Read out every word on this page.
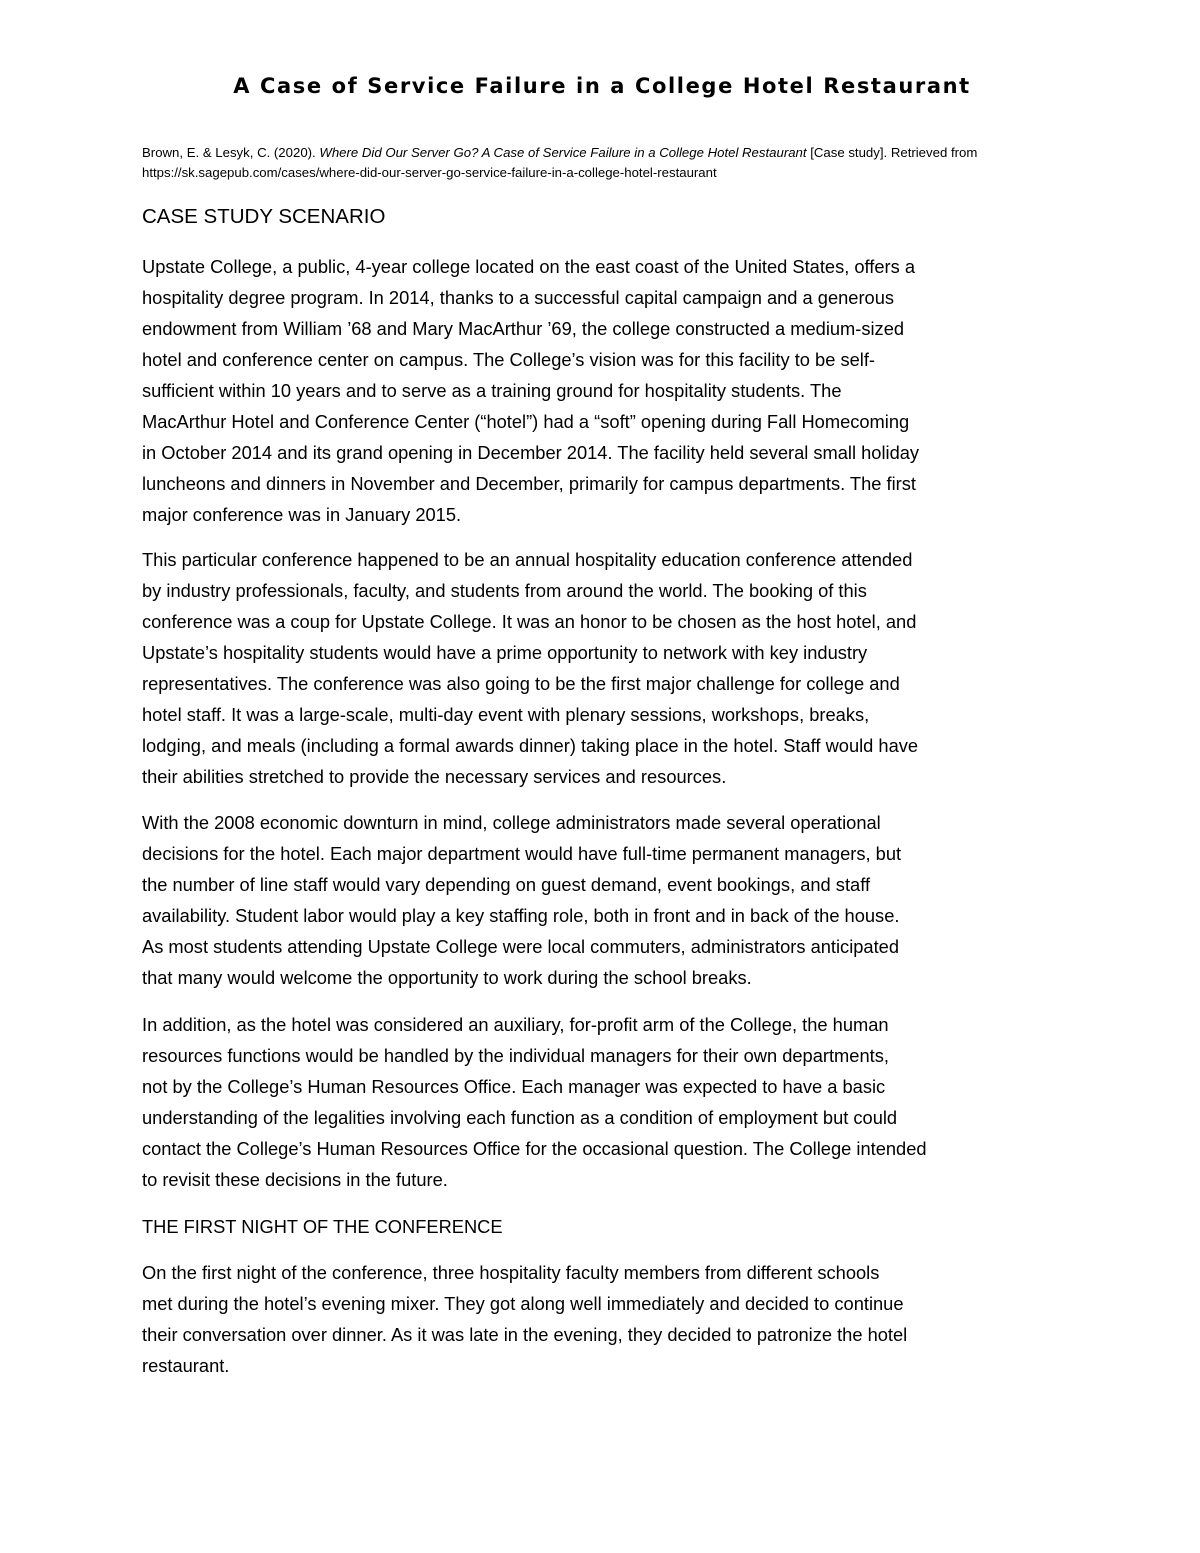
A Case of Service Failure in a College Hotel Restaurant
Brown, E. & Lesyk, C. (2020). Where Did Our Server Go? A Case of Service Failure in a College Hotel Restaurant [Case study]. Retrieved from
https://sk.sagepub.com/cases/where-did-our-server-go-service-failure-in-a-college-hotel-restaurant
CASE STUDY SCENARIO
Upstate College, a public, 4-year college located on the east coast of the United States, offers a
hospitality degree program. In 2014, thanks to a successful capital campaign and a generous
endowment from William ’68 and Mary MacArthur ’69, the college constructed a medium-sized
hotel and conference center on campus. The College’s vision was for this facility to be self-
sufficient within 10 years and to serve as a training ground for hospitality students. The
MacArthur Hotel and Conference Center (“hotel”) had a “soft” opening during Fall Homecoming
in October 2014 and its grand opening in December 2014. The facility held several small holiday
luncheons and dinners in November and December, primarily for campus departments. The first
major conference was in January 2015.
This particular conference happened to be an annual hospitality education conference attended
by industry professionals, faculty, and students from around the world. The booking of this
conference was a coup for Upstate College. It was an honor to be chosen as the host hotel, and
Upstate’s hospitality students would have a prime opportunity to network with key industry
representatives. The conference was also going to be the first major challenge for college and
hotel staff. It was a large-scale, multi-day event with plenary sessions, workshops, breaks,
lodging, and meals (including a formal awards dinner) taking place in the hotel. Staff would have
their abilities stretched to provide the necessary services and resources.
With the 2008 economic downturn in mind, college administrators made several operational
decisions for the hotel. Each major department would have full-time permanent managers, but
the number of line staff would vary depending on guest demand, event bookings, and staff
availability. Student labor would play a key staffing role, both in front and in back of the house.
As most students attending Upstate College were local commuters, administrators anticipated
that many would welcome the opportunity to work during the school breaks.
In addition, as the hotel was considered an auxiliary, for-profit arm of the College, the human
resources functions would be handled by the individual managers for their own departments,
not by the College’s Human Resources Office. Each manager was expected to have a basic
understanding of the legalities involving each function as a condition of employment but could
contact the College’s Human Resources Office for the occasional question. The College intended
to revisit these decisions in the future.
THE FIRST NIGHT OF THE CONFERENCE
On the first night of the conference, three hospitality faculty members from different schools
met during the hotel’s evening mixer. They got along well immediately and decided to continue
their conversation over dinner. As it was late in the evening, they decided to patronize the hotel
restaurant.
